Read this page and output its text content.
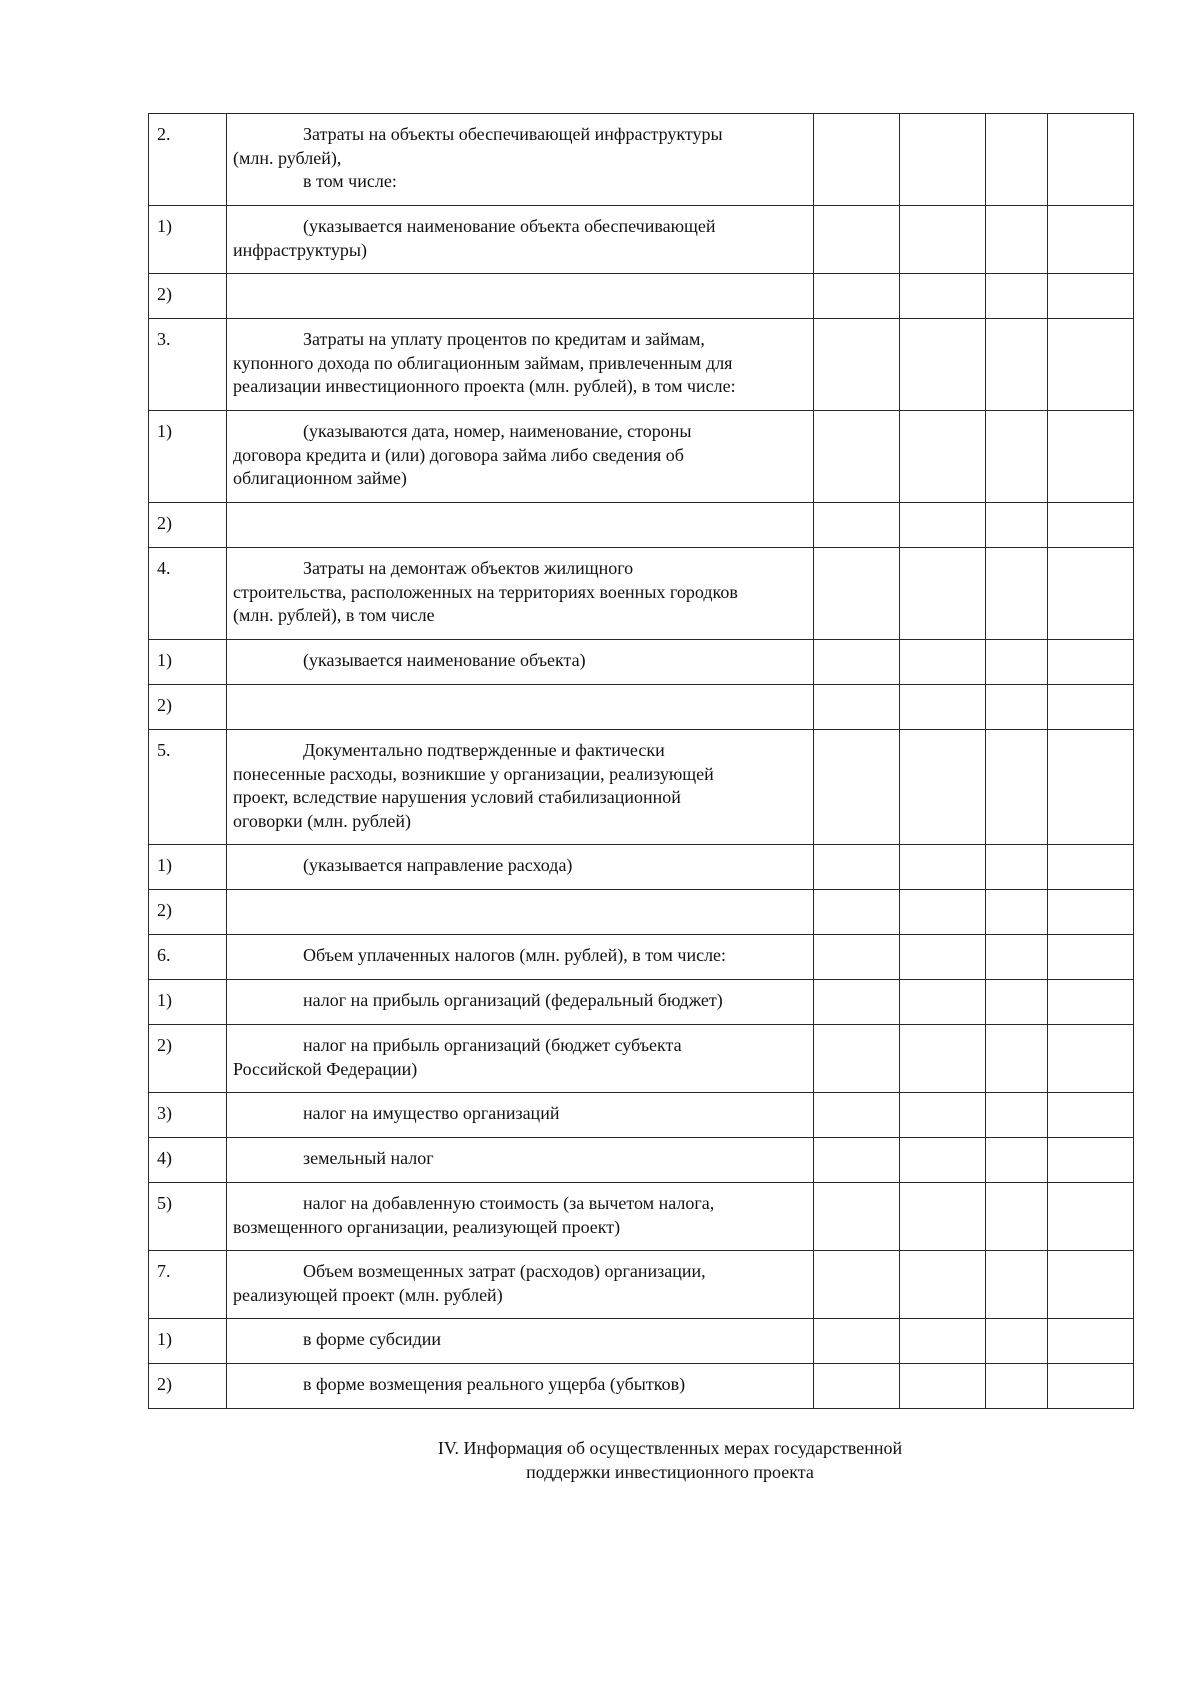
2.	Затраты на объекты обеспечивающей инфраструктуры
(млн. рублей),
в том числе:				

1)	(указывается наименование объекта обеспечивающей
инфраструктуры)				

2)	

3.	Затраты на уплату процентов по кредитам и займам,
купонного дохода по облигационным займам, привлеченным для
реализации инвестиционного проекта (млн. рублей), в том числе:				

1)	(указываются дата, номер, наименование, стороны
договора кредита и (или) договора займа либо сведения об
облигационном займе)				

2)	

4.	Затраты на демонтаж объектов жилищного
строительства, расположенных на территориях военных городков
(млн. рублей), в том числе				

1)	(указывается наименование объекта)				

2)	

5.	Документально подтвержденные и фактически
понесенные расходы, возникшие у организации, реализующей
проект, вследствие нарушения условий стабилизационной
оговорки (млн. рублей)				

1)	(указывается направление расхода)				

2)	

6.	Объем уплаченных налогов (млн. рублей), в том числе:				

1)	налог на прибыль организаций (федеральный бюджет)				

2)	налог на прибыль организаций (бюджет субъекта
Российской Федерации)				

3)	налог на имущество организаций				

4)	земельный налог				

5)	налог на добавленную стоимость (за вычетом налога,
возмещенного организации, реализующей проект)				

7.	Объем возмещенных затрат (расходов) организации,
реализующей проект (млн. рублей)				

1)	в форме субсидии				

2)	в форме возмещения реального ущерба (убытков)				

IV. Информация об осуществленных мерах государственной
поддержки инвестиционного проекта
